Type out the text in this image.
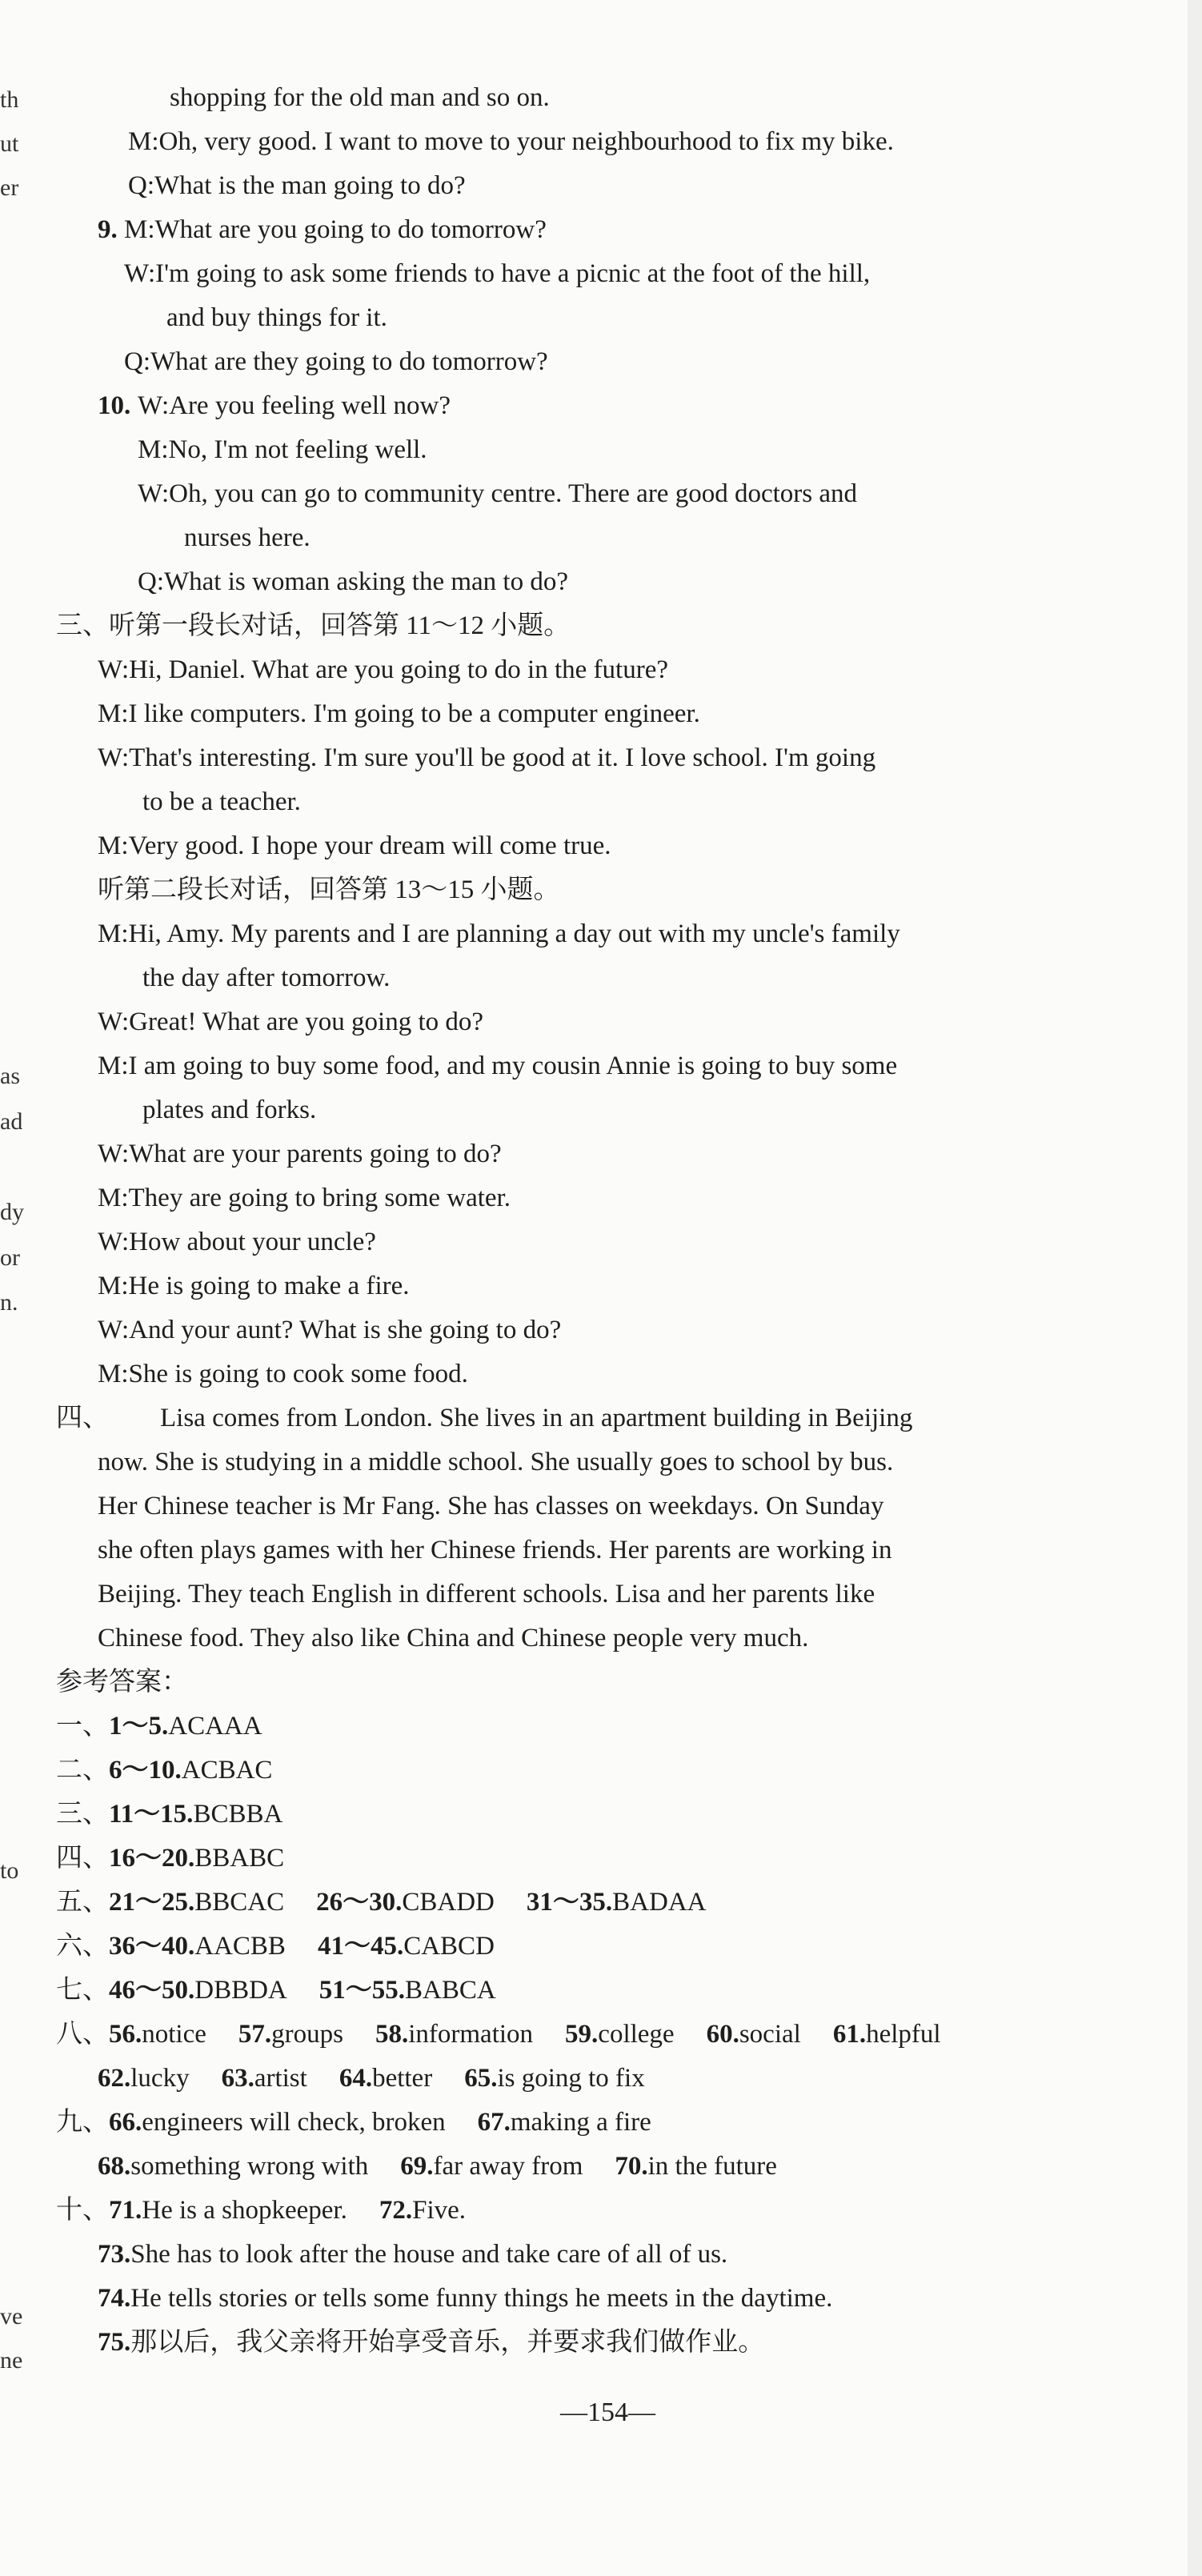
th
ut
er
as
ad
dy
or
n.
to
ve
ne
shopping for the old man and so on.
M:Oh, very good. I want to move to your neighbourhood to fix my bike.
Q:What is the man going to do?
9. M:What are you going to do tomorrow?
W:I'm going to ask some friends to have a picnic at the foot of the hill,
and buy things for it.
Q:What are they going to do tomorrow?
10. W:Are you feeling well now?
M:No, I'm not feeling well.
W:Oh, you can go to community centre. There are good doctors and
nurses here.
Q:What is woman asking the man to do?
三、听第一段长对话，回答第 11～12 小题。
W:Hi, Daniel. What are you going to do in the future?
M:I like computers. I'm going to be a computer engineer.
W:That's interesting. I'm sure you'll be good at it. I love school. I'm going
to be a teacher.
M:Very good. I hope your dream will come true.
听第二段长对话，回答第 13～15 小题。
M:Hi, Amy. My parents and I are planning a day out with my uncle's family
the day after tomorrow.
W:Great! What are you going to do?
M:I am going to buy some food, and my cousin Annie is going to buy some
plates and forks.
W:What are your parents going to do?
M:They are going to bring some water.
W:How about your uncle?
M:He is going to make a fire.
W:And your aunt? What is she going to do?
M:She is going to cook some food.
四、 Lisa comes from London. She lives in an apartment building in Beijing
now. She is studying in a middle school. She usually goes to school by bus.
Her Chinese teacher is Mr Fang. She has classes on weekdays. On Sunday
she often plays games with her Chinese friends. Her parents are working in
Beijing. They teach English in different schools. Lisa and her parents like
Chinese food. They also like China and Chinese people very much.
参考答案：
一、1～5.ACAAA
二、6～10.ACBAC
三、11～15.BCBBA
四、16～20.BBABC
五、21～25.BBCAC 26～30.CBADD 31～35.BADAA
六、36～40.AACBB 41～45.CABCD
七、46～50.DBBDA 51～55.BABCA
八、56.notice 57.groups 58.information 59.college 60.social 61.helpful
62.lucky 63.artist 64.better 65.is going to fix
九、66.engineers will check, broken 67.making a fire
68.something wrong with 69.far away from 70.in the future
十、71.He is a shopkeeper. 72.Five.
73.She has to look after the house and take care of all of us.
74.He tells stories or tells some funny things he meets in the daytime.
75.那以后，我父亲将开始享受音乐，并要求我们做作业。
—154—
